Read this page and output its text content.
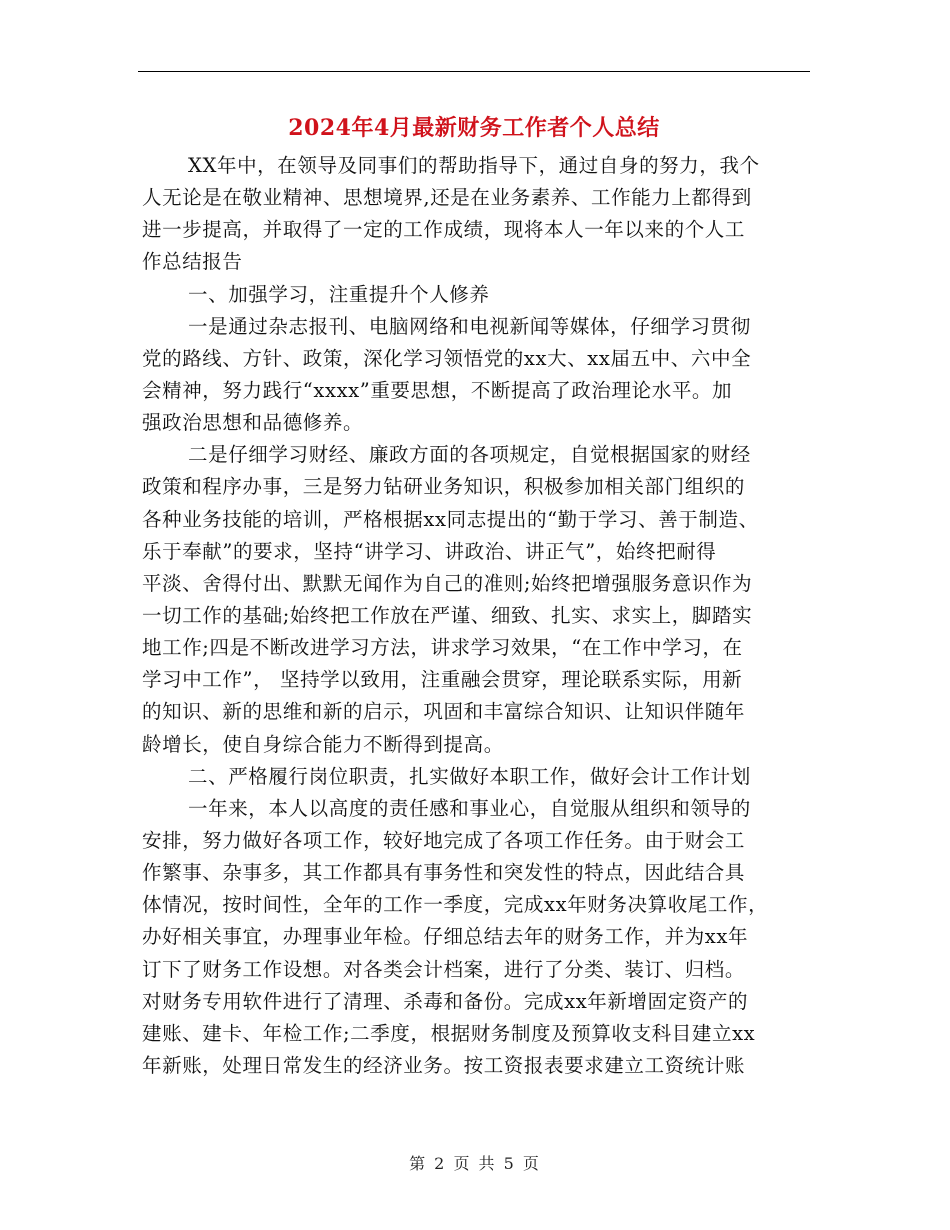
2024年4月最新财务工作者个人总结
XX年中，在领导及同事们的帮助指导下，通过自身的努力，我个
人无论是在敬业精神、思想境界,还是在业务素养、工作能力上都得到
进一步提高，并取得了一定的工作成绩，现将本人一年以来的个人工
作总结报告
一、加强学习，注重提升个人修养
一是通过杂志报刊、电脑网络和电视新闻等媒体，仔细学习贯彻
党的路线、方针、政策，深化学习领悟党的xx大、xx届五中、六中全
会精神，努力践行“xxxx”重要思想，不断提高了政治理论水平。加
强政治思想和品德修养。
二是仔细学习财经、廉政方面的各项规定，自觉根据国家的财经
政策和程序办事，三是努力钻研业务知识，积极参加相关部门组织的
各种业务技能的培训，严格根据xx同志提出的“勤于学习、善于制造、
乐于奉献”的要求，坚持“讲学习、讲政治、讲正气”，始终把耐得
平淡、舍得付出、默默无闻作为自己的准则;始终把增强服务意识作为
一切工作的基础;始终把工作放在严谨、细致、扎实、求实上，脚踏实
地工作;四是不断改进学习方法，讲求学习效果，“在工作中学习，在
学习中工作”， 坚持学以致用，注重融会贯穿，理论联系实际，用新
的知识、新的思维和新的启示，巩固和丰富综合知识、让知识伴随年
龄增长，使自身综合能力不断得到提高。
二、严格履行岗位职责，扎实做好本职工作，做好会计工作计划
一年来，本人以高度的责任感和事业心，自觉服从组织和领导的
安排，努力做好各项工作，较好地完成了各项工作任务。由于财会工
作繁事、杂事多，其工作都具有事务性和突发性的特点，因此结合具
体情况，按时间性，全年的工作一季度，完成xx年财务决算收尾工作，
办好相关事宜，办理事业年检。仔细总结去年的财务工作，并为xx年
订下了财务工作设想。对各类会计档案，进行了分类、装订、归档。
对财务专用软件进行了清理、杀毒和备份。完成xx年新增固定资产的
建账、建卡、年检工作;二季度，根据财务制度及预算收支科目建立xx
年新账，处理日常发生的经济业务。按工资报表要求建立工资统计账
第 2 页 共 5 页
